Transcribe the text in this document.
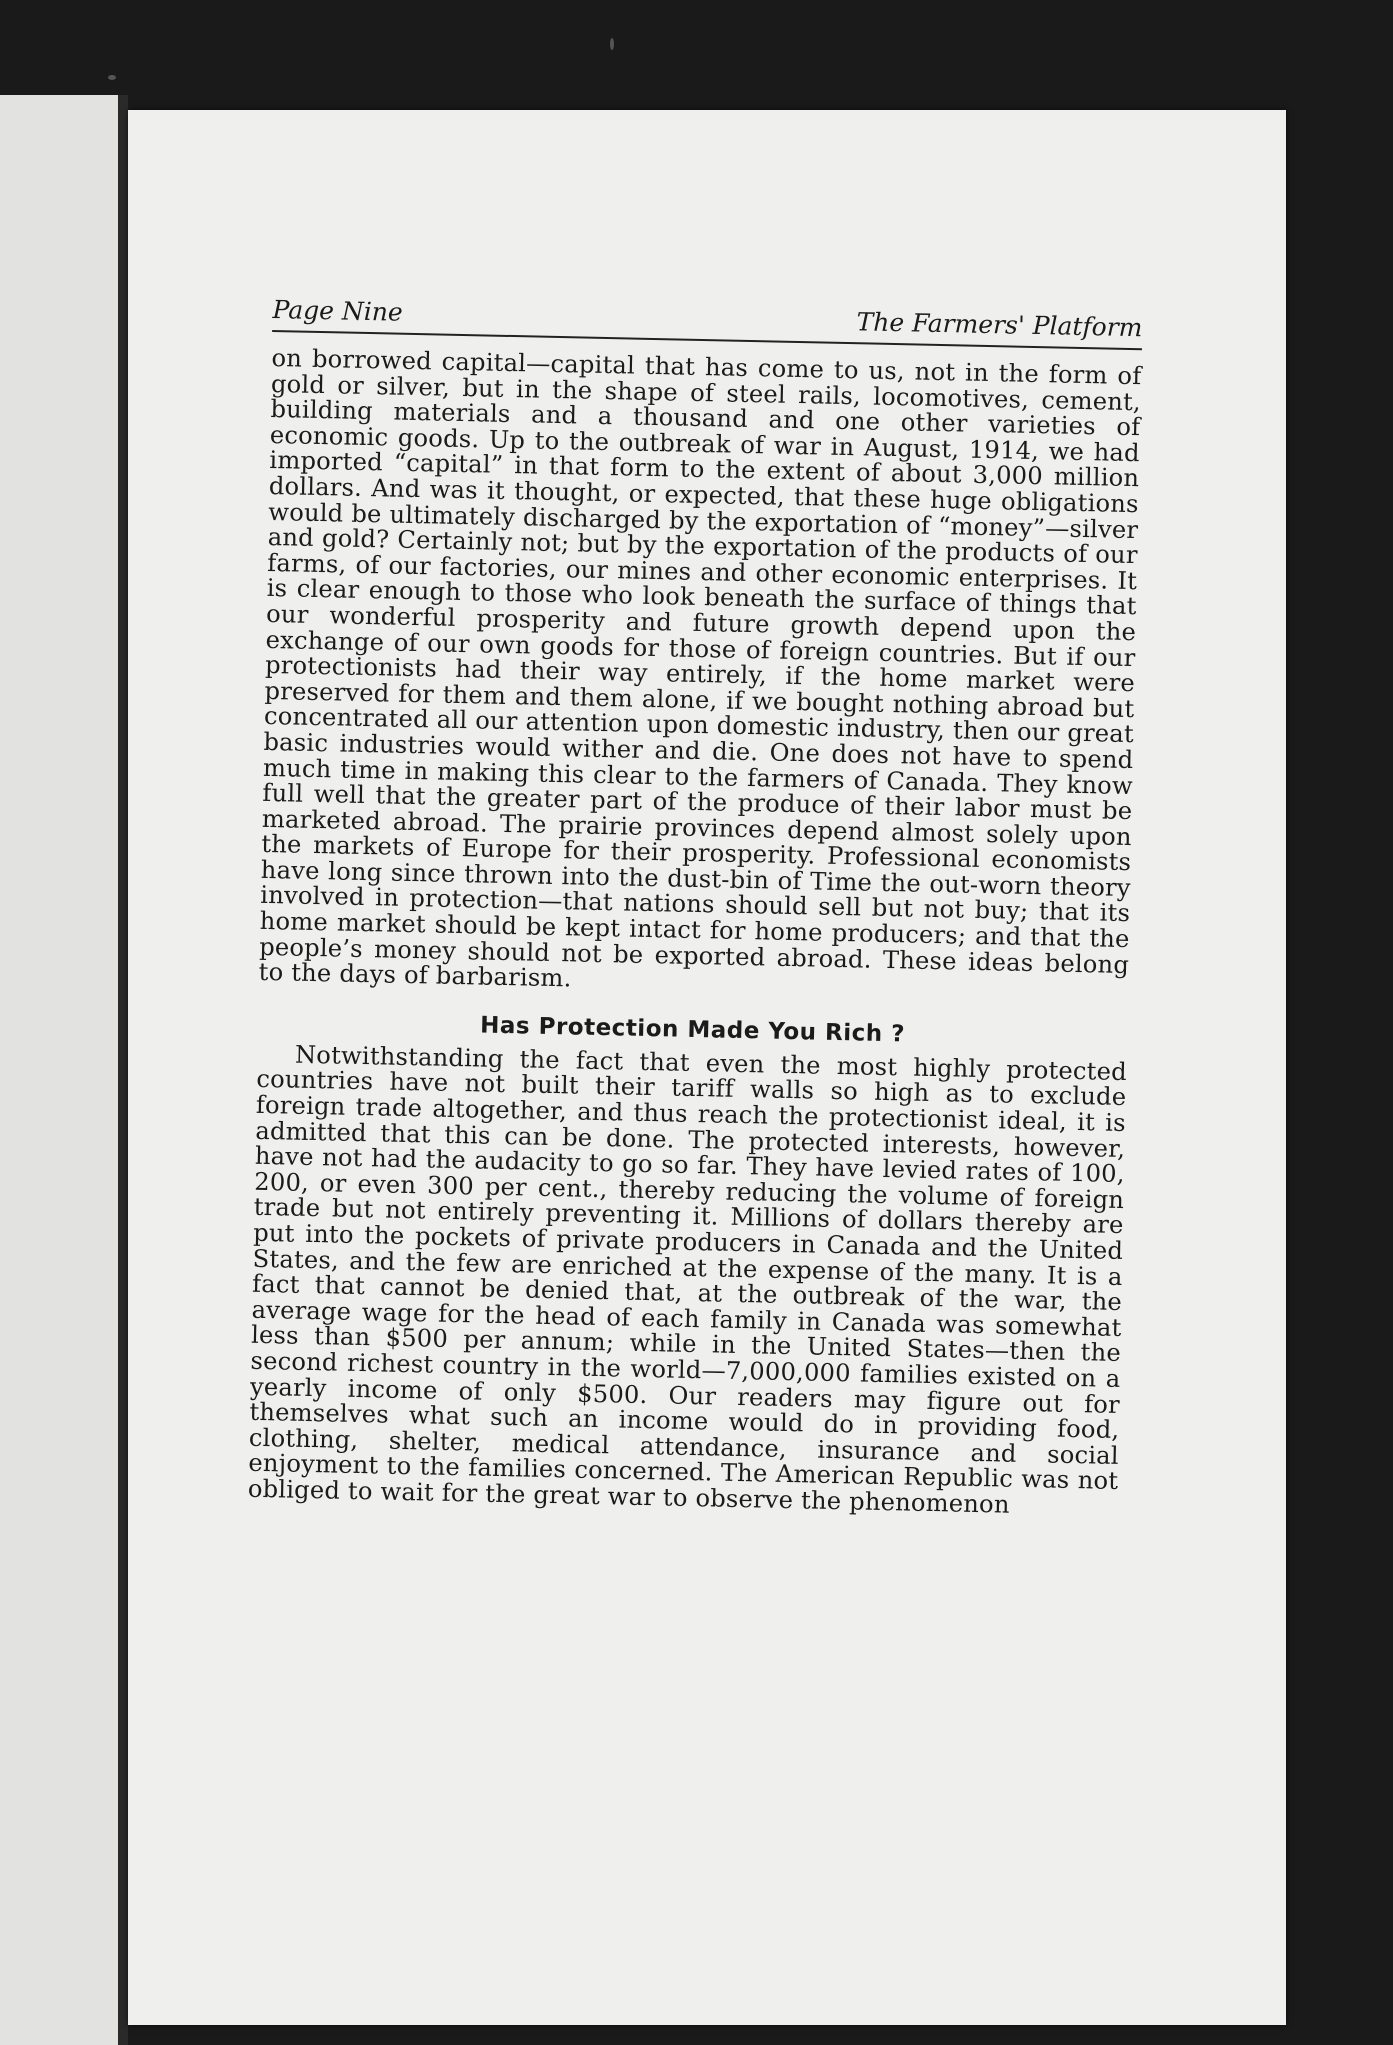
Page Nine	The Farmers' Platform

on borrowed capital—capital that has come to us, not in the form of gold or silver, but in the shape of steel rails, locomotives, cement, building materials and a thousand and one other varieties of economic goods. Up to the outbreak of war in August, 1914, we had imported “capital” in that form to the extent of about 3,000 million dollars. And was it thought, or expected, that these huge obligations would be ultimately discharged by the exportation of “money”—silver and gold? Certainly not; but by the exportation of the products of our farms, of our factories, our mines and other economic enterprises. It is clear enough to those who look beneath the surface of things that our wonderful prosperity and future growth depend upon the exchange of our own goods for those of foreign countries. But if our protectionists had their way entirely, if the home market were preserved for them and them alone, if we bought nothing abroad but concentrated all our attention upon domestic industry, then our great basic industries would wither and die. One does not have to spend much time in making this clear to the farmers of Canada. They know full well that the greater part of the produce of their labor must be marketed abroad. The prairie provinces depend almost solely upon the markets of Europe for their prosperity. Professional economists have long since thrown into the dust-bin of Time the out-worn theory involved in protection—that nations should sell but not buy; that its home market should be kept intact for home producers; and that the people’s money should not be exported abroad. These ideas belong to the days of barbarism.

Has Protection Made You Rich ?

Notwithstanding the fact that even the most highly protected countries have not built their tariff walls so high as to exclude foreign trade altogether, and thus reach the protectionist ideal, it is admitted that this can be done. The protected interests, however, have not had the audacity to go so far. They have levied rates of 100, 200, or even 300 per cent., thereby reducing the volume of foreign trade but not entirely preventing it. Millions of dollars thereby are put into the pockets of private producers in Canada and the United States, and the few are enriched at the expense of the many. It is a fact that cannot be denied that, at the outbreak of the war, the average wage for the head of each family in Canada was somewhat less than $500 per annum; while in the United States—then the second richest country in the world—7,000,000 families existed on a yearly income of only $500. Our readers may figure out for themselves what such an income would do in providing food, clothing, shelter, medical attendance, insurance and social enjoyment to the families concerned. The American Republic was not obliged to wait for the great war to observe the phenomenon
